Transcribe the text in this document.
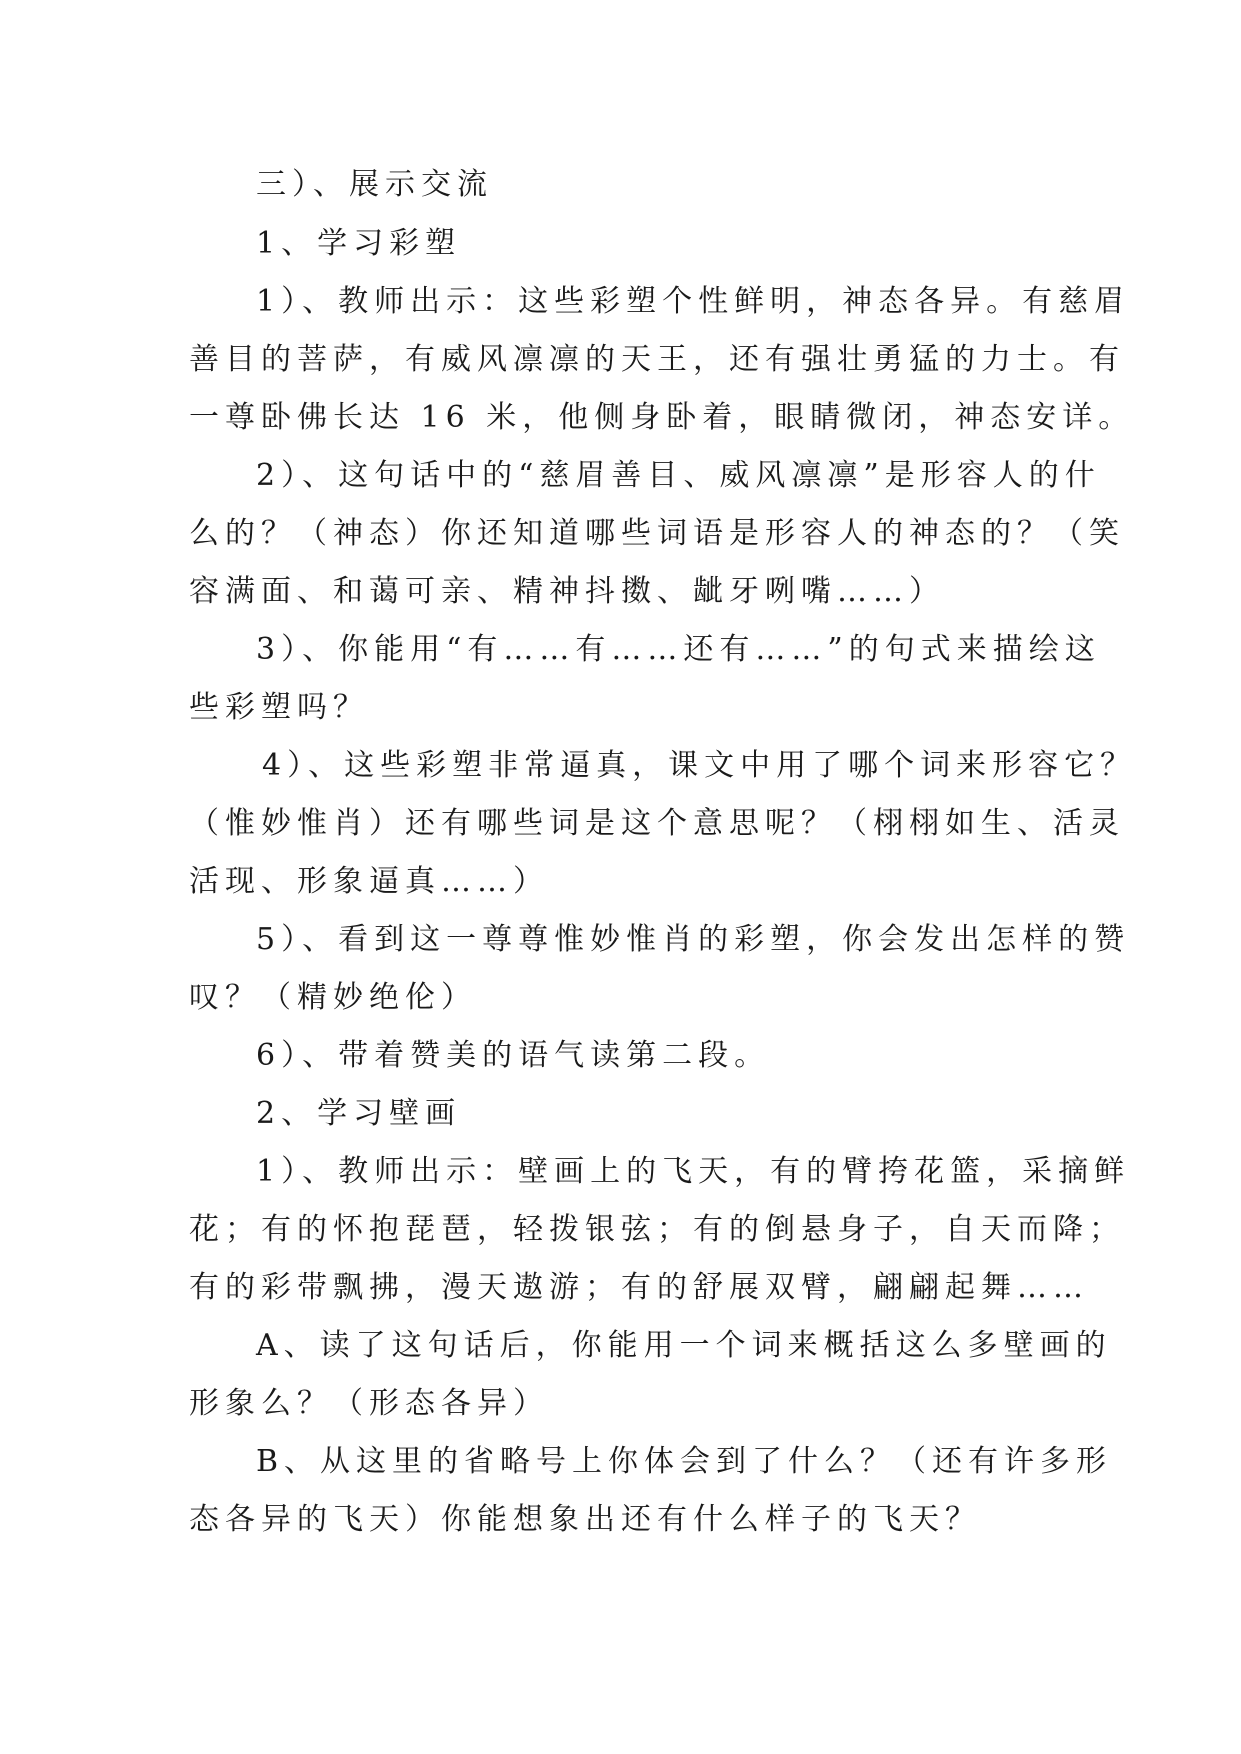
三）、展示交流
1、学习彩塑
1）、教师出示：这些彩塑个性鲜明，神态各异。有慈眉
善目的菩萨，有威风凛凛的天王，还有强壮勇猛的力士。有
一尊卧佛长达 16 米，他侧身卧着，眼睛微闭，神态安详。
2）、这句话中的“慈眉善目、威风凛凛”是形容人的什
么的？（神态）你还知道哪些词语是形容人的神态的？（笑
容满面、和蔼可亲、精神抖擞、龇牙咧嘴……）
3）、你能用“有……有……还有……”的句式来描绘这
些彩塑吗？
4）、这些彩塑非常逼真，课文中用了哪个词来形容它？
（惟妙惟肖）还有哪些词是这个意思呢？（栩栩如生、活灵
活现、形象逼真……）
5）、看到这一尊尊惟妙惟肖的彩塑，你会发出怎样的赞
叹？（精妙绝伦）
6）、带着赞美的语气读第二段。
2、学习壁画
1）、教师出示：壁画上的飞天，有的臂挎花篮，采摘鲜
花；有的怀抱琵琶，轻拨银弦；有的倒悬身子，自天而降；
有的彩带飘拂，漫天遨游；有的舒展双臂，翩翩起舞……
A、读了这句话后，你能用一个词来概括这么多壁画的
形象么？（形态各异）
B、从这里的省略号上你体会到了什么？（还有许多形
态各异的飞天）你能想象出还有什么样子的飞天？
